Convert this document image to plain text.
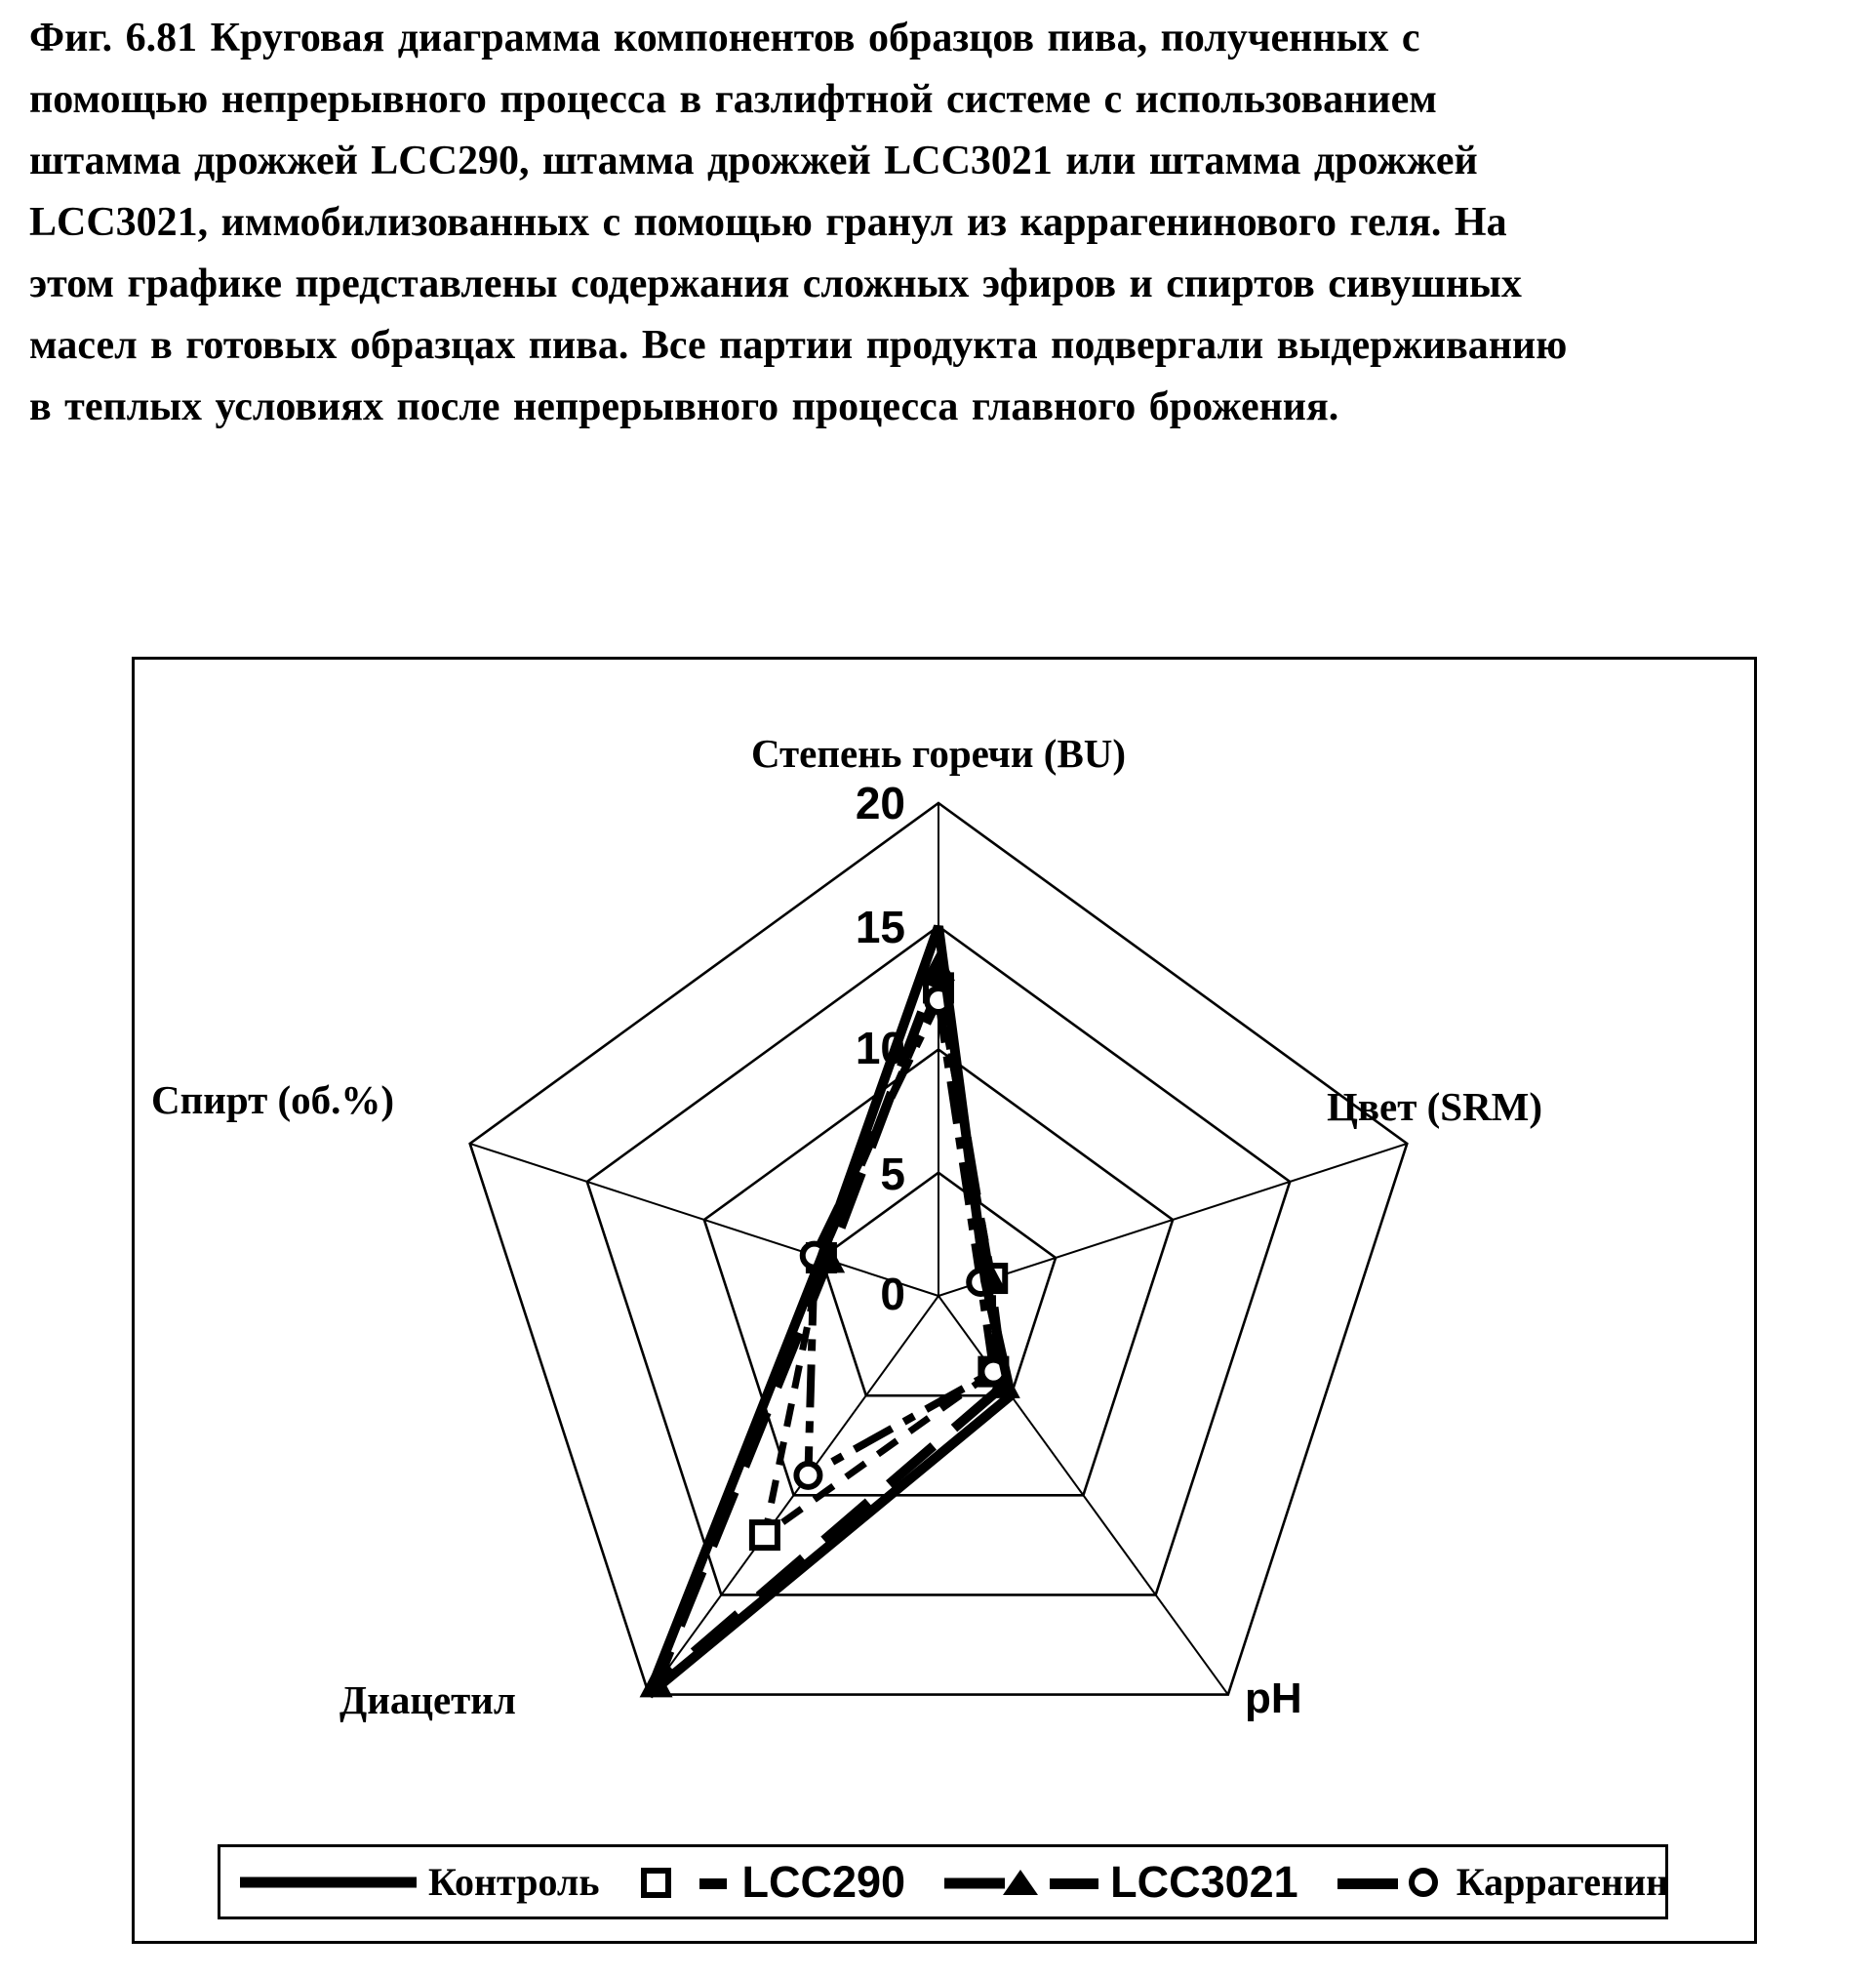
Фиг. 6.81 Круговая диаграмма компонентов образцов пива, полученных с
помощью непрерывного процесса в газлифтной системе с использованием
штамма дрожжей LCC290, штамма дрожжей LCC3021 или штамма дрожжей
LCC3021, иммобилизованных с помощью гранул из каррагенинового геля. На
этом графике представлены содержания сложных эфиров и спиртов сивушных
масел в готовых образцах пива. Все партии продукта подвергали выдерживанию
в теплых условиях после непрерывного процесса главного брожения.
20
15
10
5
0
Степень горечи (BU)
Цвет (SRM)
pH
Диацетил
Спирт (об.%)
Контроль	LCC290	LCC3021	Каррагенин
